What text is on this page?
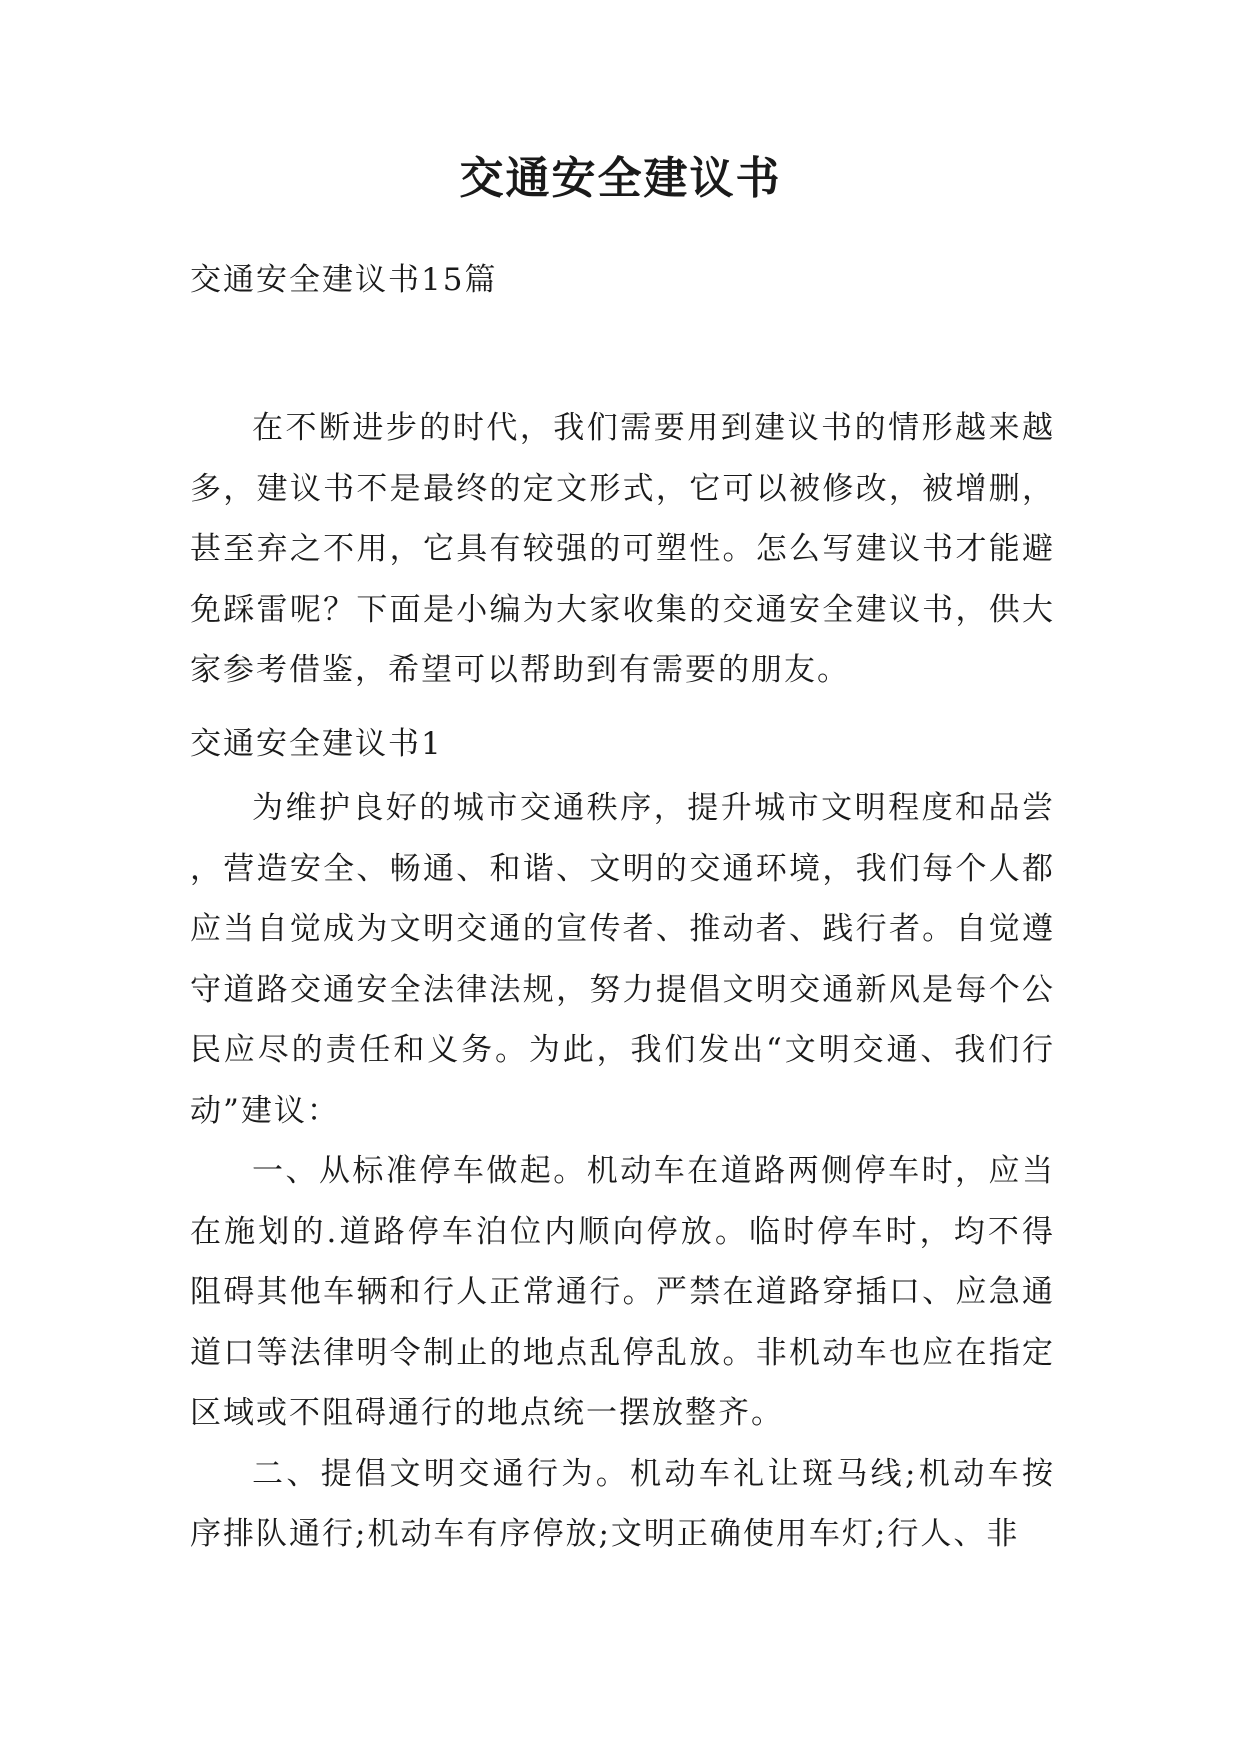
交通安全建议书
交通安全建议书15篇

在不断进步的时代，我们需要用到建议书的情形越来越多，建议书不是最终的定文形式，它可以被修改，被增删，甚至弃之不用，它具有较强的可塑性。怎么写建议书才能避免踩雷呢？下面是小编为大家收集的交通安全建议书，供大家参考借鉴，希望可以帮助到有需要的朋友。

交通安全建议书1

为维护良好的城市交通秩序，提升城市文明程度和品尝，营造安全、畅通、和谐、文明的交通环境，我们每个人都应当自觉成为文明交通的宣传者、推动者、践行者。自觉遵守道路交通安全法律法规，努力提倡文明交通新风是每个公民应尽的责任和义务。为此，我们发出“文明交通、我们行动”建议：

一、从标准停车做起。机动车在道路两侧停车时，应当在施划的.道路停车泊位内顺向停放。临时停车时，均不得阻碍其他车辆和行人正常通行。严禁在道路穿插口、应急通道口等法律明令制止的地点乱停乱放。非机动车也应在指定区域或不阻碍通行的地点统一摆放整齐。

二、提倡文明交通行为。机动车礼让斑马线;机动车按序排队通行;机动车有序停放;文明正确使用车灯;行人、非
